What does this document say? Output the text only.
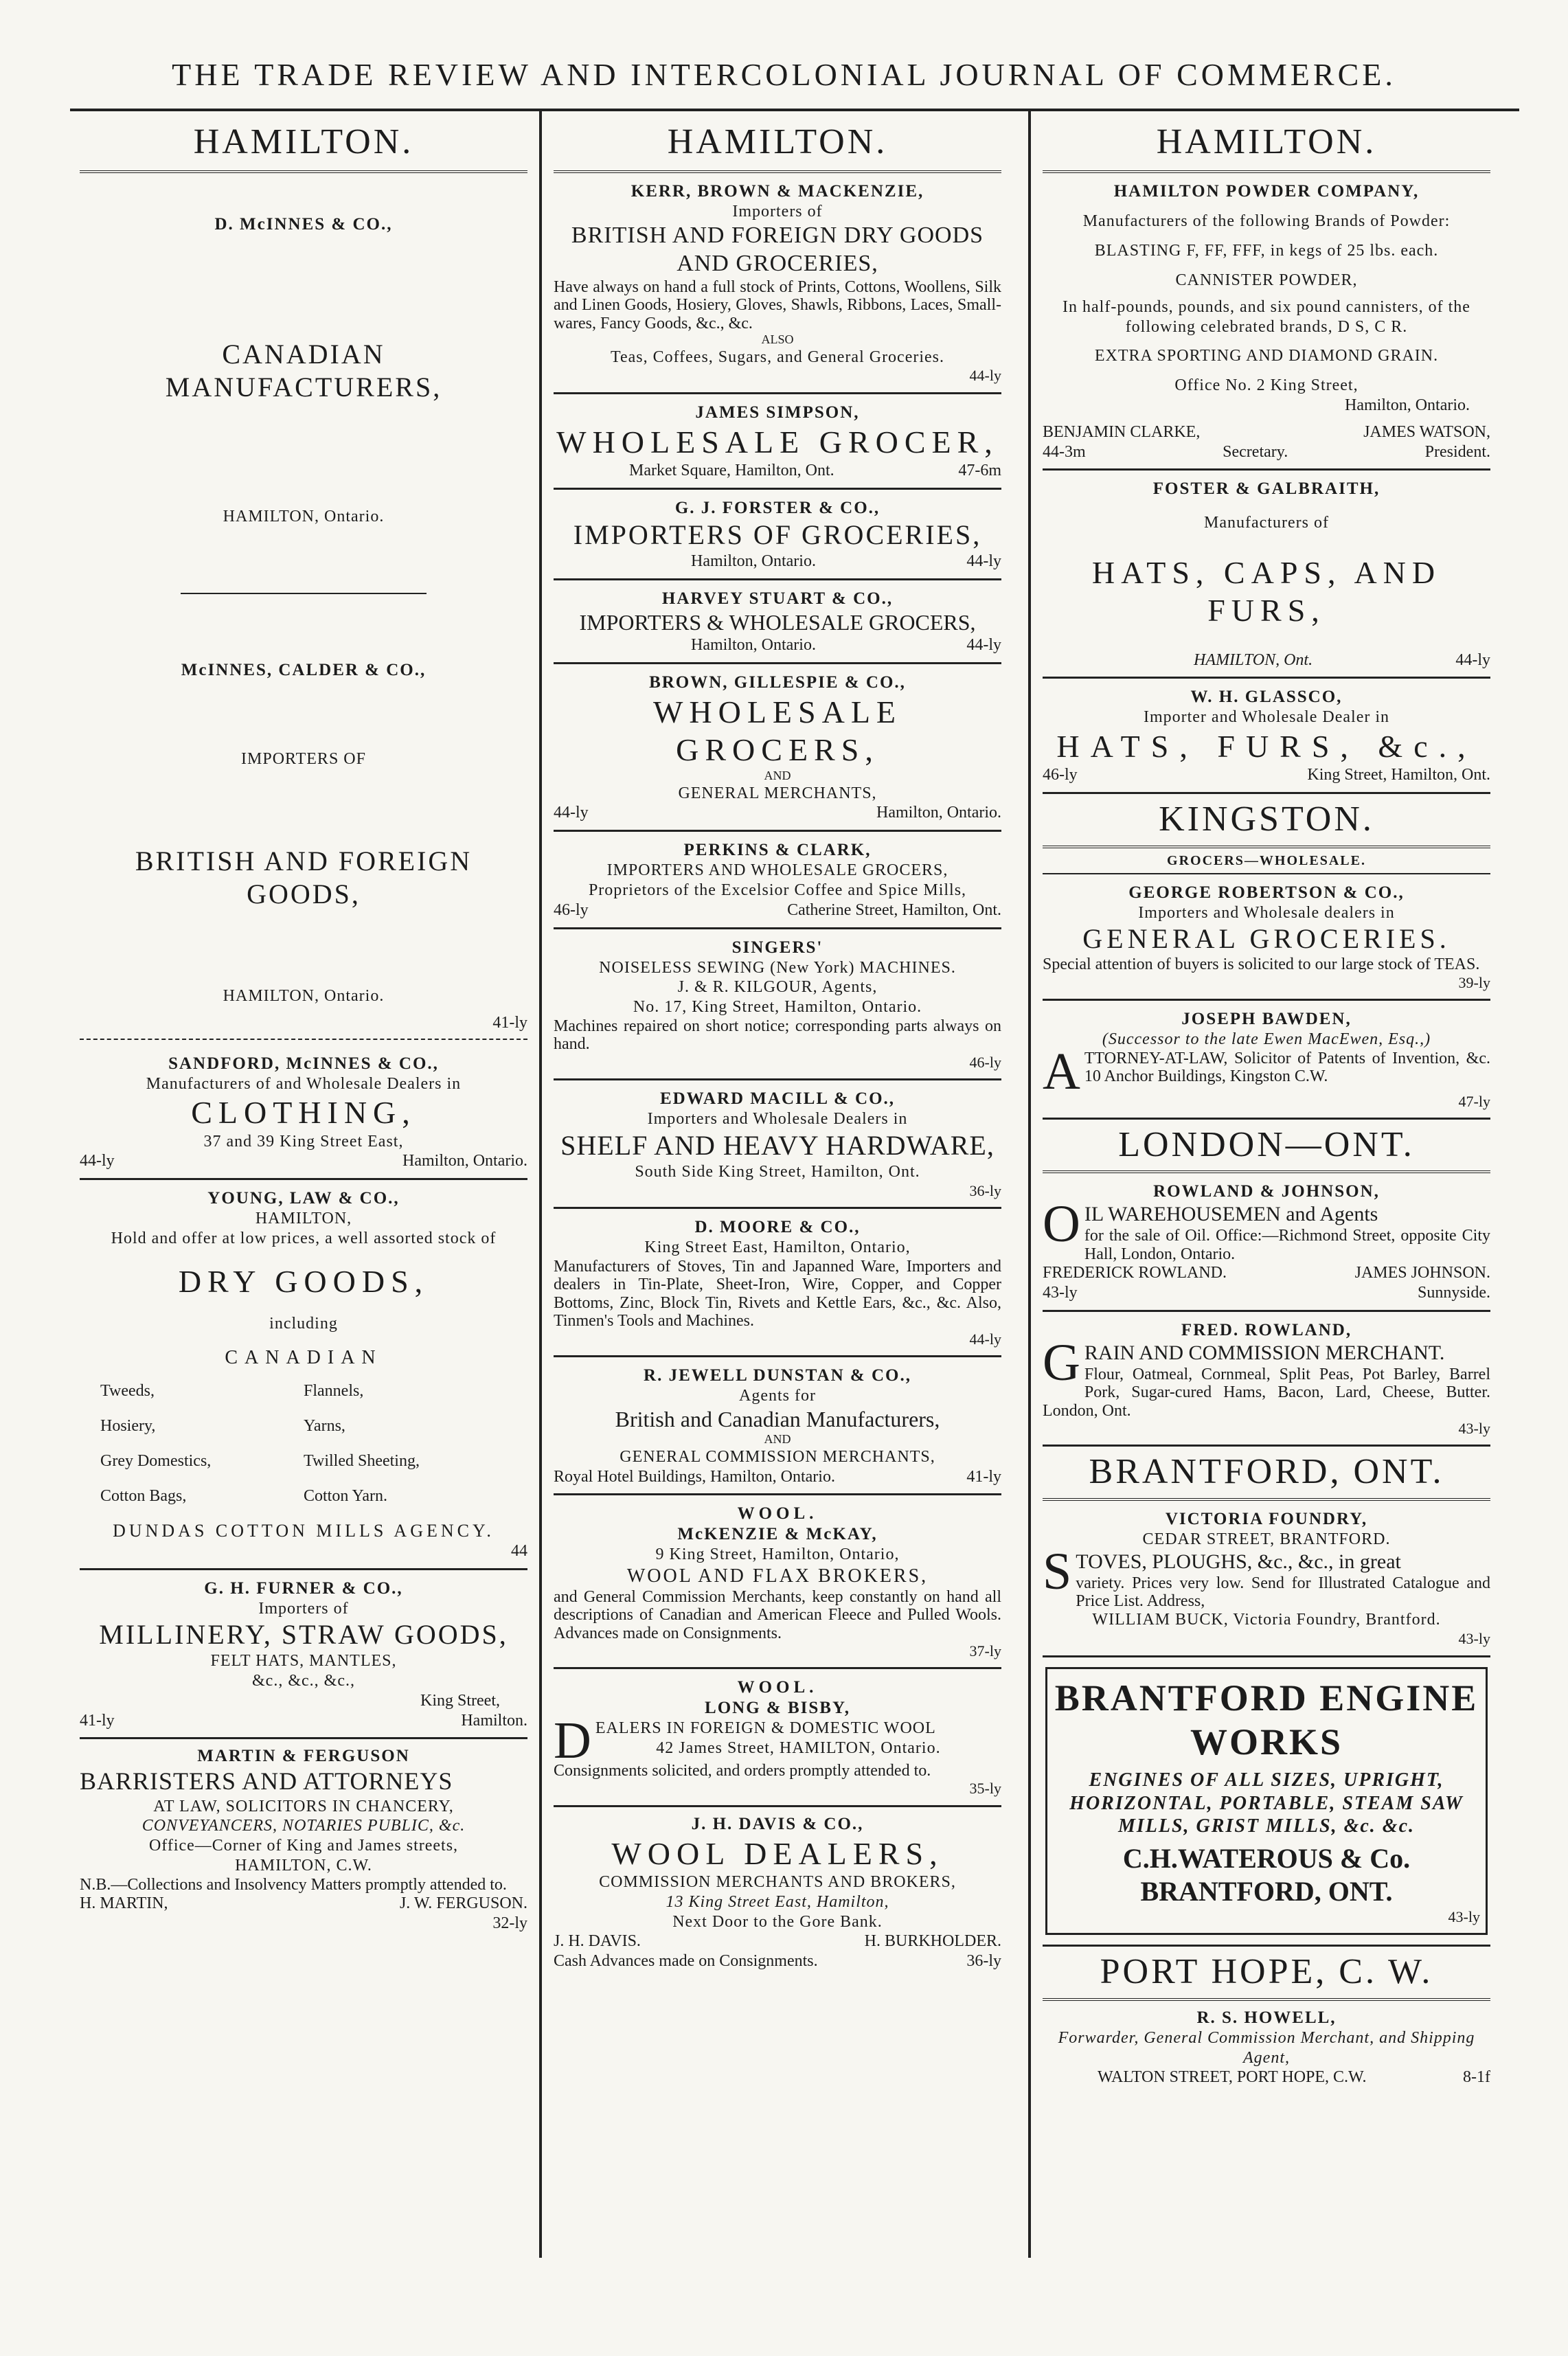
THE TRADE REVIEW AND INTERCOLONIAL JOURNAL OF COMMERCE.
HAMILTON.
D. McINNES & CO.,
CANADIAN MANUFACTURERS,
HAMILTON, Ontario.
McINNES, CALDER & CO.,
IMPORTERS OF
BRITISH AND FOREIGN GOODS,
HAMILTON, Ontario.
41-ly
SANDFORD, McINNES & CO.,
Manufacturers of and Wholesale Dealers in
CLOTHING,
37 and 39 King Street East,
44-ly	Hamilton, Ontario.
YOUNG, LAW & CO.,
HAMILTON,
Hold and offer at low prices, a well assorted stock of
DRY GOODS,
including
CANADIAN
Tweeds,	Flannels,
Hosiery,	Yarns,
Grey Domestics,	Twilled Sheeting,
Cotton Bags,	Cotton Yarn.
DUNDAS COTTON MILLS AGENCY.
44
G. H. FURNER & CO.,
Importers of
MILLINERY, STRAW GOODS,
FELT HATS, MANTLES,
&c., &c., &c.,
King Street,
41-ly	Hamilton.
MARTIN & FERGUSON
BARRISTERS AND ATTORNEYS
AT LAW, SOLICITORS IN CHANCERY,
CONVEYANCERS, NOTARIES PUBLIC, &c.
Office—Corner of King and James streets,
HAMILTON, C.W.
N.B.—Collections and Insolvency Matters promptly attended to.
H. MARTIN,	J. W. FERGUSON.
32-ly
HAMILTON.
KERR, BROWN & MACKENZIE,
Importers of
BRITISH AND FOREIGN DRY GOODS AND GROCERIES,
Have always on hand a full stock of Prints, Cottons, Woollens, Silk and Linen Goods, Hosiery, Gloves, Shawls, Ribbons, Laces, Small-wares, Fancy Goods, &c., &c.
ALSO
Teas, Coffees, Sugars, and General Groceries.
44-ly
JAMES SIMPSON,
WHOLESALE GROCER,
Market Square, Hamilton, Ont.	47-6m
G. J. FORSTER & CO.,
IMPORTERS OF GROCERIES,
Hamilton, Ontario.	44-ly
HARVEY STUART & CO.,
IMPORTERS & WHOLESALE GROCERS,
Hamilton, Ontario.	44-ly
BROWN, GILLESPIE & CO.,
WHOLESALE GROCERS,
AND
GENERAL MERCHANTS,
44-ly	Hamilton, Ontario.
PERKINS & CLARK,
IMPORTERS AND WHOLESALE GROCERS,
Proprietors of the Excelsior Coffee and Spice Mills,
46-ly	Catherine Street, Hamilton, Ont.
SINGERS'
NOISELESS SEWING (New York) MACHINES.
J. & R. KILGOUR, Agents,
No. 17, King Street, Hamilton, Ontario.
Machines repaired on short notice; corresponding parts always on hand.
46-ly
EDWARD MACILL & CO.,
Importers and Wholesale Dealers in
SHELF AND HEAVY HARDWARE,
South Side King Street, Hamilton, Ont.
36-ly
D. MOORE & CO.,
King Street East, Hamilton, Ontario,
Manufacturers of Stoves, Tin and Japanned Ware, Importers and dealers in Tin-Plate, Sheet-Iron, Wire, Copper, and Copper Bottoms, Zinc, Block Tin, Rivets and Kettle Ears, &c., &c. Also, Tinmen's Tools and Machines.
44-ly
R. JEWELL DUNSTAN & CO.,
Agents for
British and Canadian Manufacturers,
AND
GENERAL COMMISSION MERCHANTS,
Royal Hotel Buildings, Hamilton, Ontario.	41-ly
WOOL.
McKENZIE & McKAY,
9 King Street, Hamilton, Ontario,
WOOL AND FLAX BROKERS,
and General Commission Merchants, keep constantly on hand all descriptions of Canadian and American Fleece and Pulled Wools. Advances made on Consignments.
37-ly
WOOL.
LONG & BISBY,
D EALERS IN FOREIGN & DOMESTIC WOOL
42 James Street, HAMILTON, Ontario.
Consignments solicited, and orders promptly attended to.
35-ly
J. H. DAVIS & CO.,
WOOL DEALERS,
COMMISSION MERCHANTS AND BROKERS,
13 King Street East, Hamilton,
Next Door to the Gore Bank.
J. H. DAVIS.	H. BURKHOLDER.
Cash Advances made on Consignments.	36-ly
HAMILTON.
HAMILTON POWDER COMPANY,
Manufacturers of the following Brands of Powder:
BLASTING F, FF, FFF, in kegs of 25 lbs. each.
CANNISTER POWDER,
In half-pounds, pounds, and six pound cannisters, of the following celebrated brands, D S, C R.
EXTRA SPORTING AND DIAMOND GRAIN.
Office No. 2 King Street,
Hamilton, Ontario.
BENJAMIN CLARKE,	JAMES WATSON,
44-3m	Secretary.	President.
FOSTER & GALBRAITH,
Manufacturers of
HATS, CAPS, AND FURS,
HAMILTON, Ont.	44-ly
W. H. GLASSCO,
Importer and Wholesale Dealer in
HATS, FURS, &c.,
46-ly	King Street, Hamilton, Ont.
KINGSTON.
GROCERS—WHOLESALE.
GEORGE ROBERTSON & CO.,
Importers and Wholesale dealers in
GENERAL GROCERIES.
Special attention of buyers is solicited to our large stock of TEAS.
39-ly
JOSEPH BAWDEN,
(Successor to the late Ewen MacEwen, Esq.,)
A TTORNEY-AT-LAW, Solicitor of Patents of Invention, &c. 10 Anchor Buildings, Kingston C.W.
47-ly
LONDON—ONT.
ROWLAND & JOHNSON,
O IL WAREHOUSEMEN and Agents
for the sale of Oil. Office:—Richmond Street, opposite City Hall, London, Ontario.
FREDERICK ROWLAND.	JAMES JOHNSON.
43-ly	Sunnyside.
FRED. ROWLAND,
G RAIN AND COMMISSION MERCHANT.
Flour, Oatmeal, Cornmeal, Split Peas, Pot Barley, Barrel Pork, Sugar-cured Hams, Bacon, Lard, Cheese, Butter. London, Ont.
43-ly
BRANTFORD, ONT.
VICTORIA FOUNDRY,
CEDAR STREET, BRANTFORD.
S TOVES, PLOUGHS, &c., &c., in great
variety. Prices very low. Send for Illustrated Catalogue and Price List. Address,
WILLIAM BUCK, Victoria Foundry, Brantford.
43-ly
BRANTFORD ENGINE WORKS
ENGINES OF ALL SIZES, UPRIGHT, HORIZONTAL, PORTABLE, STEAM SAW MILLS, GRIST MILLS, &c. &c.
C.H.WATEROUS & Co. BRANTFORD, ONT.
43-ly
PORT HOPE, C. W.
R. S. HOWELL,
Forwarder, General Commission Merchant, and Shipping Agent,
WALTON STREET, PORT HOPE, C.W.	8-1f
